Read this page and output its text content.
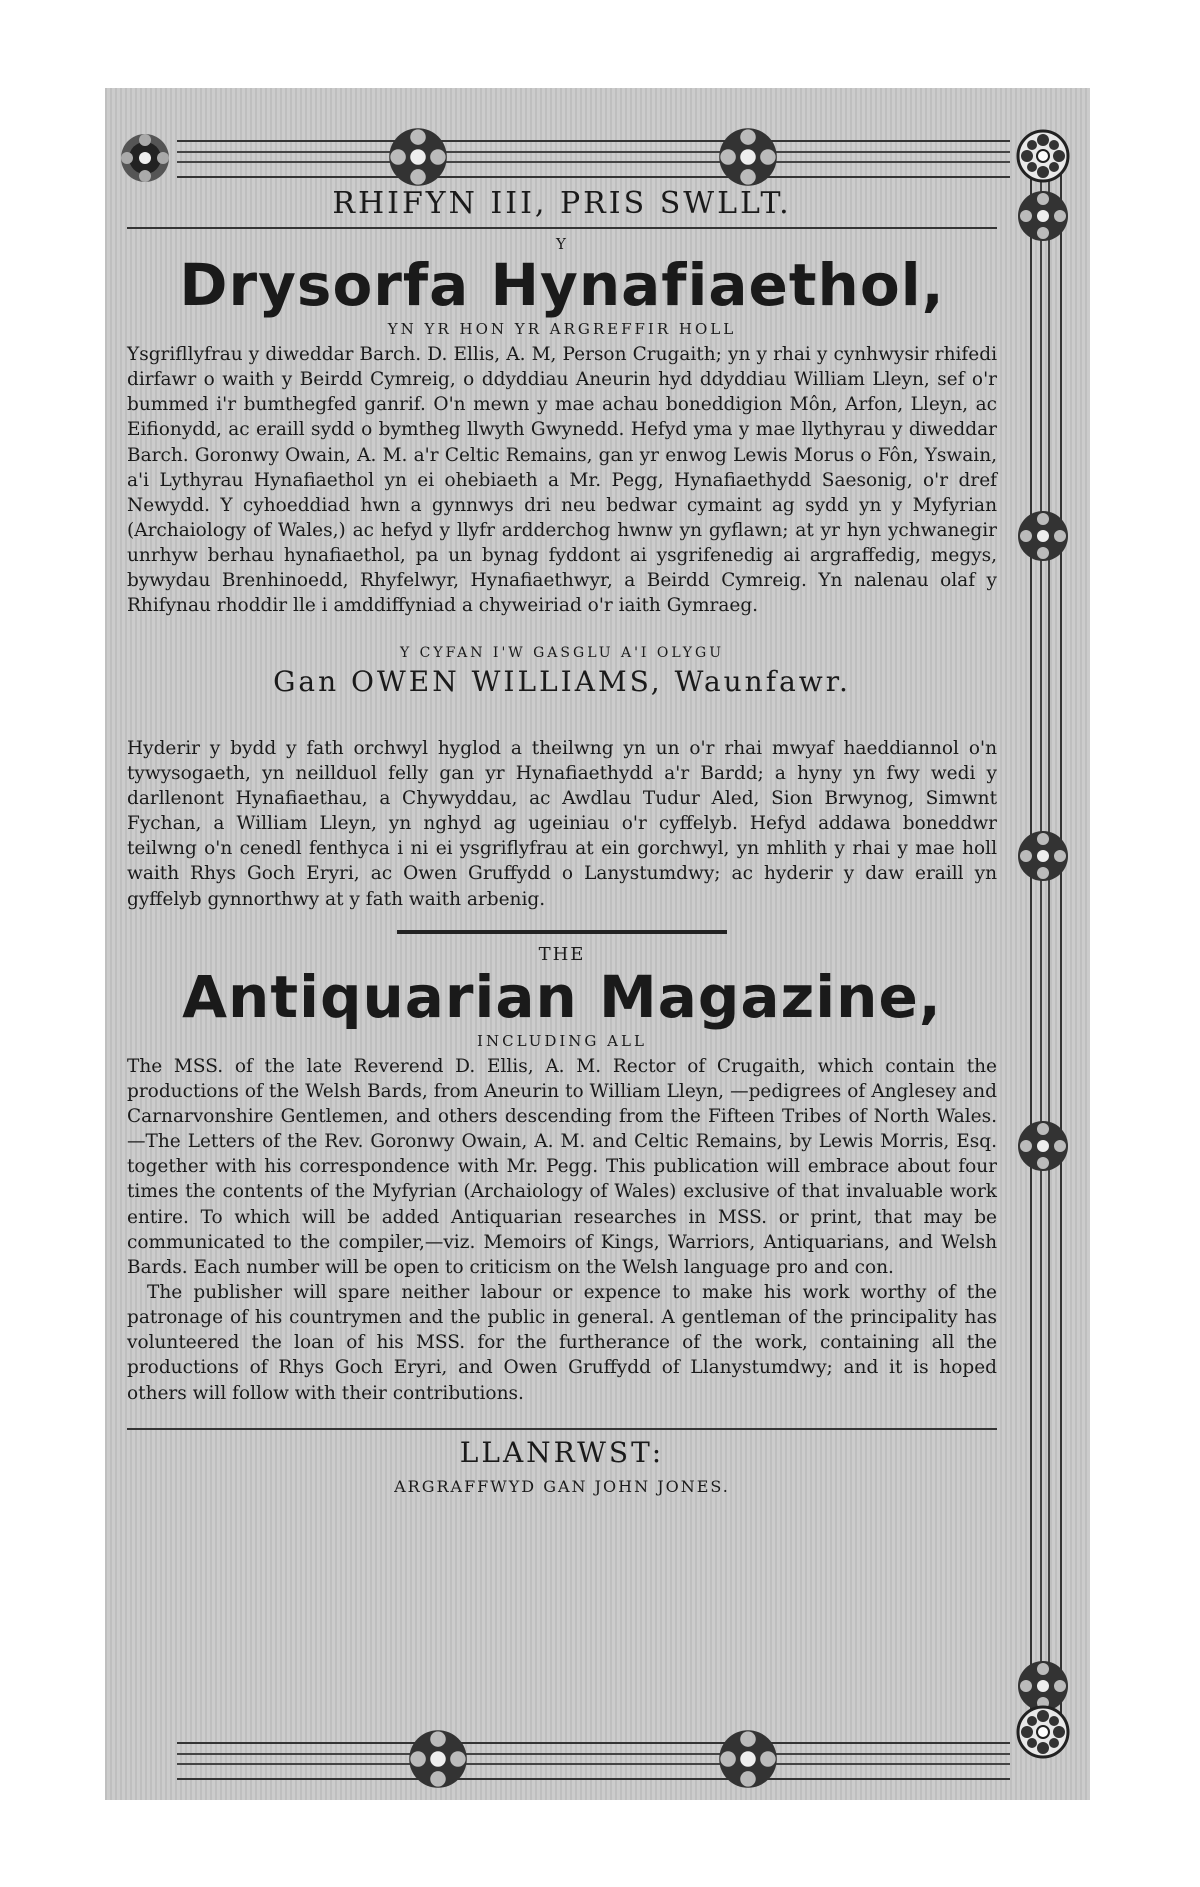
RHIFYN III, PRIS SWLLT.
Y
Drysorfa Hynafiaethol,
YN YR HON YR ARGREFFIR HOLL

Ysgrifllyfrau y diweddar Barch. D. Ellis, A. M, Person Crugaith; yn y rhai y cynhwysir rhifedi dirfawr o waith y Beirdd Cymreig, o ddyddiau Aneurin hyd ddyddiau William Lleyn, sef o'r bummed i'r bumthegfed ganrif. O'n mewn y mae achau boneddigion Môn, Arfon, Lleyn, ac Eifionydd, ac eraill sydd o bymtheg llwyth Gwynedd. Hefyd yma y mae llythyrau y diweddar Barch. Goronwy Owain, A. M. a'r Celtic Remains, gan yr enwog Lewis Morus o Fôn, Yswain, a'i Lythyrau Hynafiaethol yn ei ohebiaeth a Mr. Pegg, Hynafiaethydd Saesonig, o'r dref Newydd. Y cyhoeddiad hwn a gynnwys dri neu bedwar cymaint ag sydd yn y Myfyrian (Archaiology of Wales,) ac hefyd y llyfr ardderchog hwnw yn gyflawn; at yr hyn ychwanegir unrhyw berhau hynafiaethol, pa un bynag fyddont ai ysgrifenedig ai argraffedig, megys, bywydau Brenhinoedd, Rhyfelwyr, Hynafiaethwyr, a Beirdd Cymreig. Yn nalenau olaf y Rhifynau rhoddir lle i amddiffyniad a chyweiriad o'r iaith Gymraeg.

Y CYFAN I'W GASGLU A'I OLYGU
Gan OWEN WILLIAMS, Waunfawr.

Hyderir y bydd y fath orchwyl hyglod a theilwng yn un o'r rhai mwyaf haeddiannol o'n tywysogaeth, yn neillduol felly gan yr Hynafiaethydd a'r Bardd; a hyny yn fwy wedi y darllenont Hynafiaethau, a Chywyddau, ac Awdlau Tudur Aled, Sion Brwynog, Simwnt Fychan, a William Lleyn, yn nghyd ag ugeiniau o'r cyffelyb. Hefyd addawa boneddwr teilwng o'n cenedl fenthyca i ni ei ysgriflyfrau at ein gorchwyl, yn mhlith y rhai y mae holl waith Rhys Goch Eryri, ac Owen Gruffydd o Lanystumdwy; ac hyderir y daw eraill yn gyffelyb gynnorthwy at y fath waith arbenig.

THE
Antiquarian Magazine,
INCLUDING ALL

The MSS. of the late Reverend D. Ellis, A. M. Rector of Crugaith, which contain the productions of the Welsh Bards, from Aneurin to William Lleyn, —pedigrees of Anglesey and Carnarvonshire Gentlemen, and others descending from the Fifteen Tribes of North Wales.—The Letters of the Rev. Goronwy Owain, A. M. and Celtic Remains, by Lewis Morris, Esq. together with his correspondence with Mr. Pegg. This publication will embrace about four times the contents of the Myfyrian (Archaiology of Wales) exclusive of that invaluable work entire. To which will be added Antiquarian researches in MSS. or print, that may be communicated to the compiler,—viz. Memoirs of Kings, Warriors, Antiquarians, and Welsh Bards. Each number will be open to criticism on the Welsh language pro and con.

The publisher will spare neither labour or expence to make his work worthy of the patronage of his countrymen and the public in general. A gentleman of the principality has volunteered the loan of his MSS. for the furtherance of the work, containing all the productions of Rhys Goch Eryri, and Owen Gruffydd of Llanystumdwy; and it is hoped others will follow with their contributions.

LLANRWST:
ARGRAFFWYD GAN JOHN JONES.
